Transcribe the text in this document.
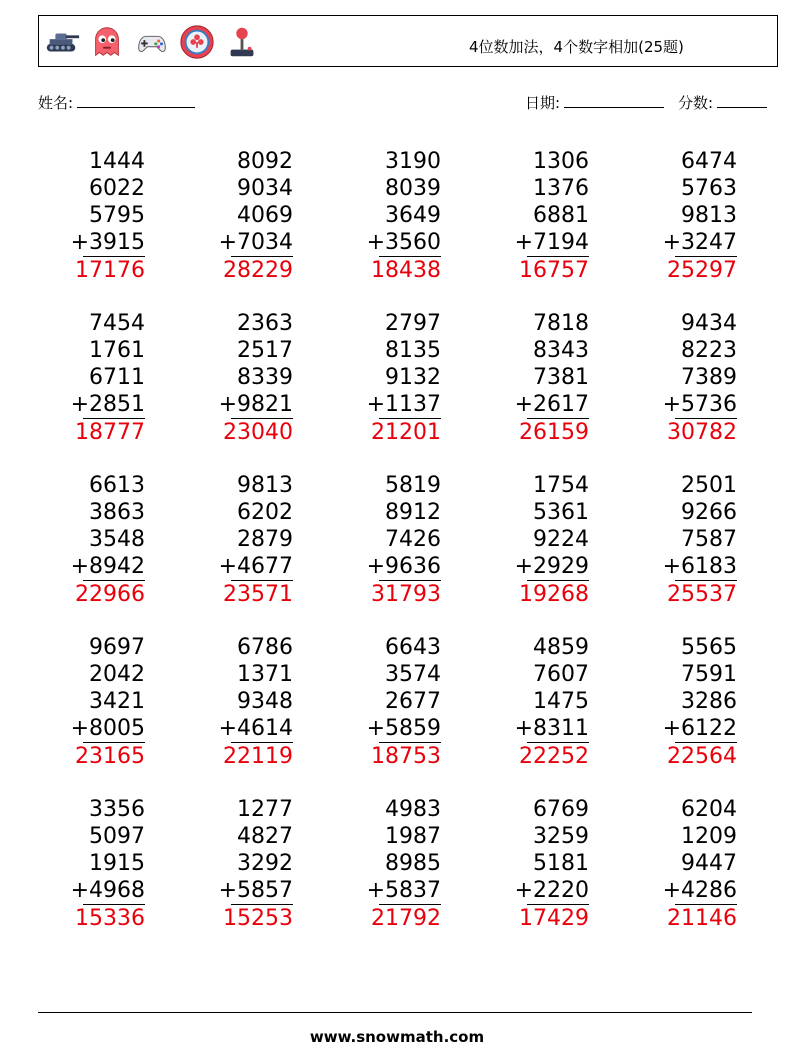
4位数加法，4个数字相加(25题)
姓名:	日期:	分数:
1444
6022
5795
+3915
17176
8092
9034
4069
+7034
28229
3190
8039
3649
+3560
18438
1306
1376
6881
+7194
16757
6474
5763
9813
+3247
25297
7454
1761
6711
+2851
18777
2363
2517
8339
+9821
23040
2797
8135
9132
+1137
21201
7818
8343
7381
+2617
26159
9434
8223
7389
+5736
30782
6613
3863
3548
+8942
22966
9813
6202
2879
+4677
23571
5819
8912
7426
+9636
31793
1754
5361
9224
+2929
19268
2501
9266
7587
+6183
25537
9697
2042
3421
+8005
23165
6786
1371
9348
+4614
22119
6643
3574
2677
+5859
18753
4859
7607
1475
+8311
22252
5565
7591
3286
+6122
22564
3356
5097
1915
+4968
15336
1277
4827
3292
+5857
15253
4983
1987
8985
+5837
21792
6769
3259
5181
+2220
17429
6204
1209
9447
+4286
21146
www.snowmath.com
